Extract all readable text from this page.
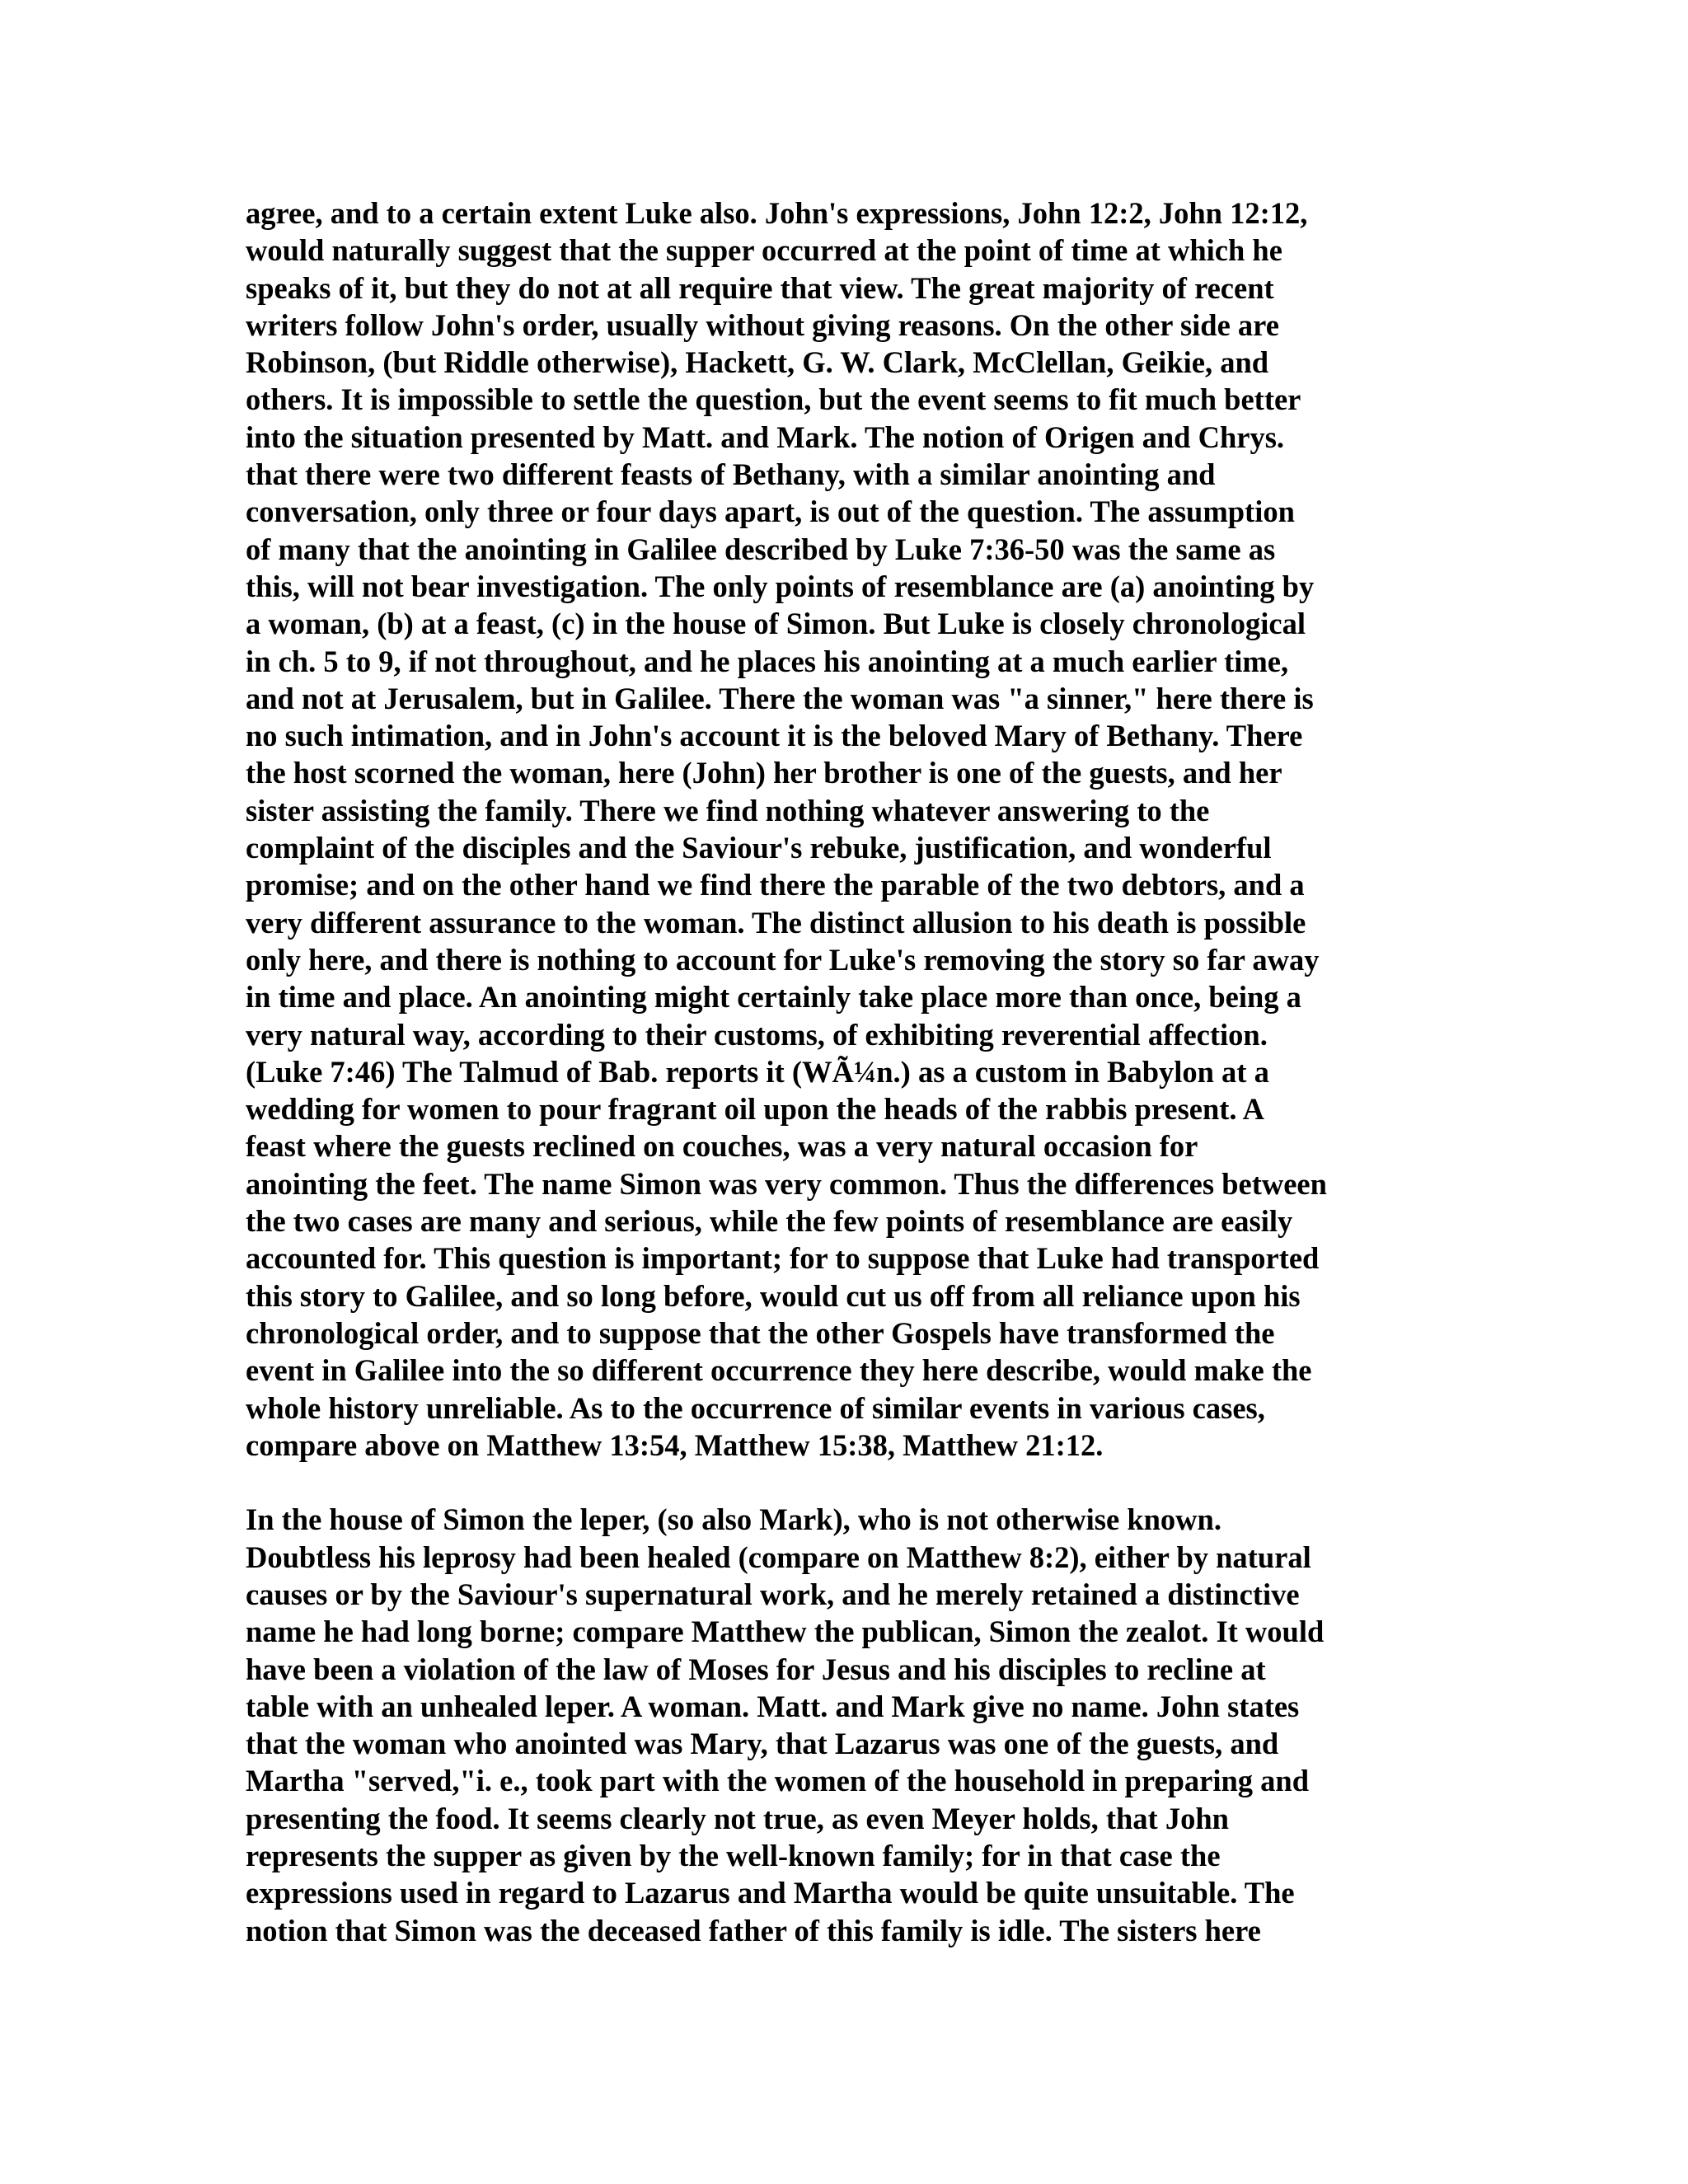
agree, and to a certain extent Luke also. John's expressions, John 12:2, John 12:12,
would naturally suggest that the supper occurred at the point of time at which he
speaks of it, but they do not at all require that view. The great majority of recent
writers follow John's order, usually without giving reasons. On the other side are
Robinson, (but Riddle otherwise), Hackett, G. W. Clark, McClellan, Geikie, and
others. It is impossible to settle the question, but the event seems to fit much better
into the situation presented by Matt. and Mark. The notion of Origen and Chrys.
that there were two different feasts of Bethany, with a similar anointing and
conversation, only three or four days apart, is out of the question. The assumption
of many that the anointing in Galilee described by Luke 7:36-50 was the same as
this, will not bear investigation. The only points of resemblance are (a) anointing by
a woman, (b) at a feast, (c) in the house of Simon. But Luke is closely chronological
in ch. 5 to 9, if not throughout, and he places his anointing at a much earlier time,
and not at Jerusalem, but in Galilee. There the woman was "a sinner," here there is
no such intimation, and in John's account it is the beloved Mary of Bethany. There
the host scorned the woman, here (John) her brother is one of the guests, and her
sister assisting the family. There we find nothing whatever answering to the
complaint of the disciples and the Saviour's rebuke, justification, and wonderful
promise; and on the other hand we find there the parable of the two debtors, and a
very different assurance to the woman. The distinct allusion to his death is possible
only here, and there is nothing to account for Luke's removing the story so far away
in time and place. An anointing might certainly take place more than once, being a
very natural way, according to their customs, of exhibiting reverential affection.
(Luke 7:46) The Talmud of Bab. reports it (WÃ¼n.) as a custom in Babylon at a
wedding for women to pour fragrant oil upon the heads of the rabbis present. A
feast where the guests reclined on couches, was a very natural occasion for
anointing the feet. The name Simon was very common. Thus the differences between
the two cases are many and serious, while the few points of resemblance are easily
accounted for. This question is important; for to suppose that Luke had transported
this story to Galilee, and so long before, would cut us off from all reliance upon his
chronological order, and to suppose that the other Gospels have transformed the
event in Galilee into the so different occurrence they here describe, would make the
whole history unreliable. As to the occurrence of similar events in various cases,
compare above on Matthew 13:54, Matthew 15:38, Matthew 21:12.
In the house of Simon the leper, (so also Mark), who is not otherwise known.
Doubtless his leprosy had been healed (compare on Matthew 8:2), either by natural
causes or by the Saviour's supernatural work, and he merely retained a distinctive
name he had long borne; compare Matthew the publican, Simon the zealot. It would
have been a violation of the law of Moses for Jesus and his disciples to recline at
table with an unhealed leper. A woman. Matt. and Mark give no name. John states
that the woman who anointed was Mary, that Lazarus was one of the guests, and
Martha "served,"i. e., took part with the women of the household in preparing and
presenting the food. It seems clearly not true, as even Meyer holds, that John
represents the supper as given by the well-known family; for in that case the
expressions used in regard to Lazarus and Martha would be quite unsuitable. The
notion that Simon was the deceased father of this family is idle. The sisters here
